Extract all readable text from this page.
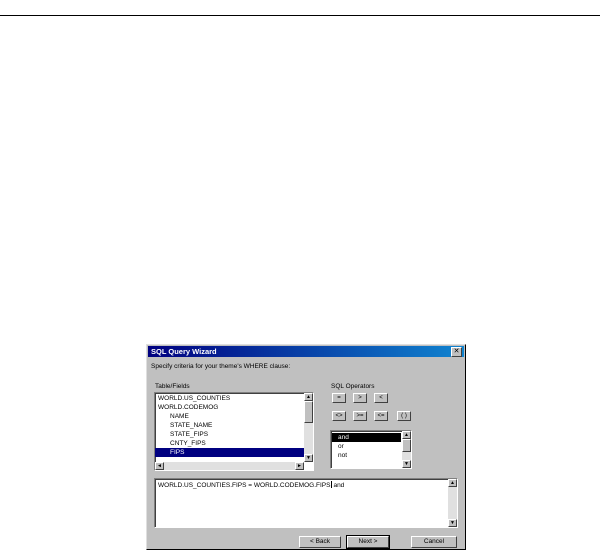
SQL Query Wizard	✕
Specify criteria for your theme's WHERE clause:
Table/Fields
WORLD.US_COUNTIES
WORLD.CODEMOG
NAME
STATE_NAME
STATE_FIPS
CNTY_FIPS
FIPS
▲
▼
◄	►
SQL Operators
=	>	<
<>	>=	<=	( )
and
or
not
▲
▼
WORLD.US_COUNTIES.FIPS = WORLD.CODEMOG.FIPS and	▲
▼
< Back	Next >	Cancel
